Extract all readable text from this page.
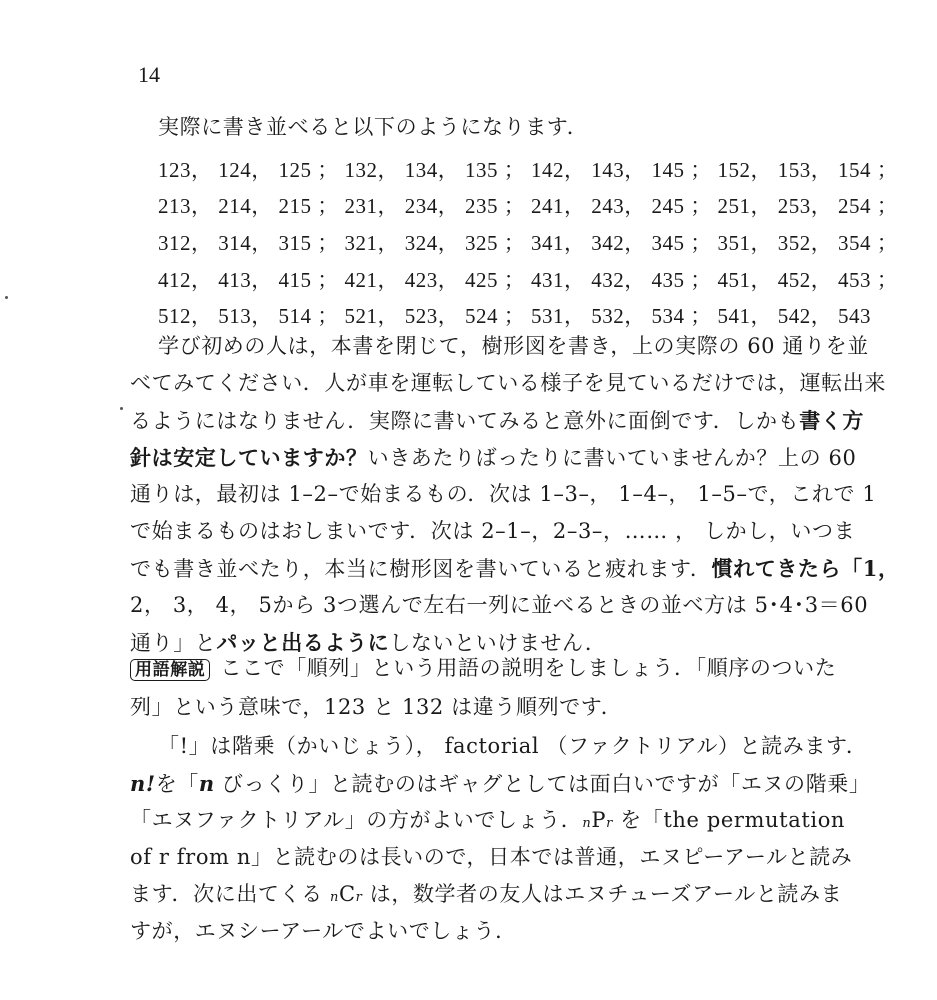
14
実際に書き並べると以下のようになります．
123， 124， 125 ； 132， 134， 135 ； 142， 143， 145 ； 152， 153， 154 ；
213， 214， 215 ； 231， 234， 235 ； 241， 243， 245 ； 251， 253， 254 ；
312， 314， 315 ； 321， 324， 325 ； 341， 342， 345 ； 351， 352， 354 ；
412， 413， 415 ； 421， 423， 425 ； 431， 432， 435 ； 451， 452， 453 ；
512， 513， 514 ； 521， 523， 524 ； 531， 532， 534 ； 541， 542， 543
学び初めの人は，本書を閉じて，樹形図を書き，上の実際の 60 通りを並
べてみてください．人が車を運転している様子を見ているだけでは，運転出来
るようにはなりません．実際に書いてみると意外に面倒です．しかも書く方
針は安定していますか？いきあたりばったりに書いていませんか？上の 60
通りは，最初は 1–2–で始まるもの．次は 1–3–， 1–4–， 1–5–で，これで 1
で始まるものはおしまいです．次は 2–1–，2–3–，…… ， しかし，いつま
でも書き並べたり，本当に樹形図を書いていると疲れます．慣れてきたら「1，
2， 3， 4， 5から 3つ選んで左右一列に並べるときの並べ方は 5･4･3＝60
通り」とパッと出るようにしないといけません．
用語解説 ここで「順列」という用語の説明をしましょう．「順序のついた
列」という意味で，123 と 132 は違う順列です．
「!」は階乗（かいじょう）， factorial （ファクトリアル）と読みます．
n!を「n びっくり」と読むのはギャグとしては面白いですが「エヌの階乗」
「エヌファクトリアル」の方がよいでしょう．nPr を「the permutation
of r from n」と読むのは長いので，日本では普通，エヌピーアールと読み
ます．次に出てくる nCr は，数学者の友人はエヌチューズアールと読みま
すが，エヌシーアールでよいでしょう．
